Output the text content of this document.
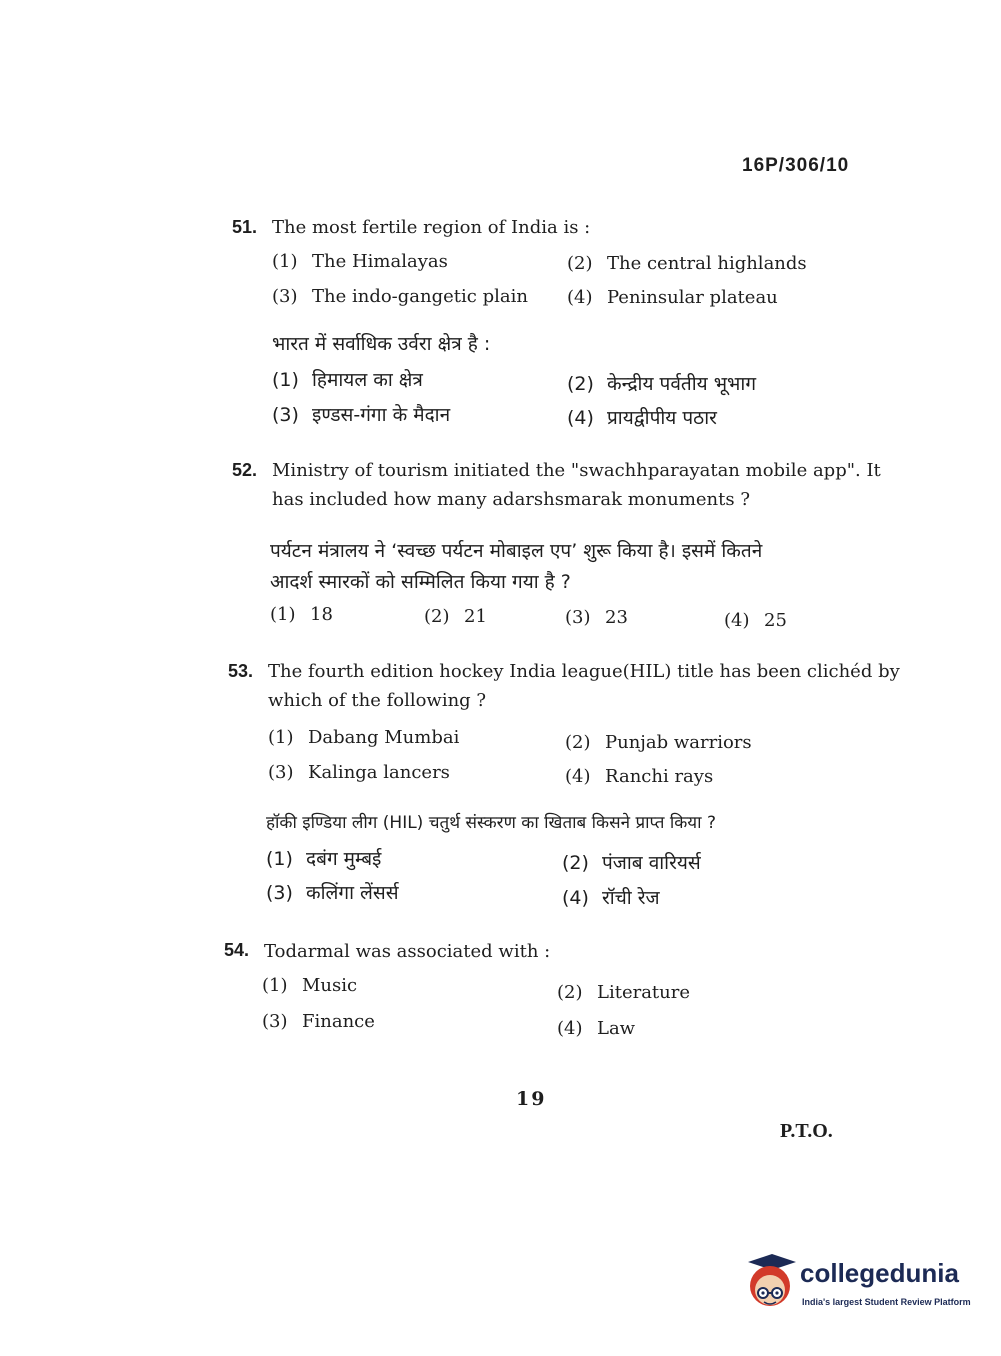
16P/306/10
51. The most fertile region of India is :
(1) The Himalayas	(2) The central highlands
(3) The indo-gangetic plain (4) Peninsular plateau
भारत में सर्वाधिक उर्वरा क्षेत्र है :
(1) हिमायल का क्षेत्र	(2) केन्द्रीय पर्वतीय भूभाग
(3) इण्डस-गंगा के मैदान	(4) प्रायद्वीपीय पठार
52. Ministry of tourism initiated the "swachhparayatan mobile app". It
has included how many adarshsmarak monuments ?
पर्यटन मंत्रालय ने ‘स्वच्छ पर्यटन मोबाइल एप’ शुरू किया है। इसमें कितने
आदर्श स्मारकों को सम्मिलित किया गया है ?
(1) 18	(2) 21	(3) 23	(4) 25
53. The fourth edition hockey India league(HIL) title has been clichéd by
which of the following ?
(1) Dabang Mumbai	(2) Punjab warriors
(3) Kalinga lancers	(4) Ranchi rays
हॉकी इण्डिया लीग (HIL) चतुर्थ संस्करण का खिताब किसने प्राप्त किया ?
(1) दबंग मुम्बई	(2) पंजाब वारियर्स
(3) कलिंगा लेंसर्स	(4) रॉची रेज
54. Todarmal was associated with :
(1) Music	(2) Literature
(3) Finance	(4) Law
19
P.T.O.
collegedunia
India's largest Student Review Platform
